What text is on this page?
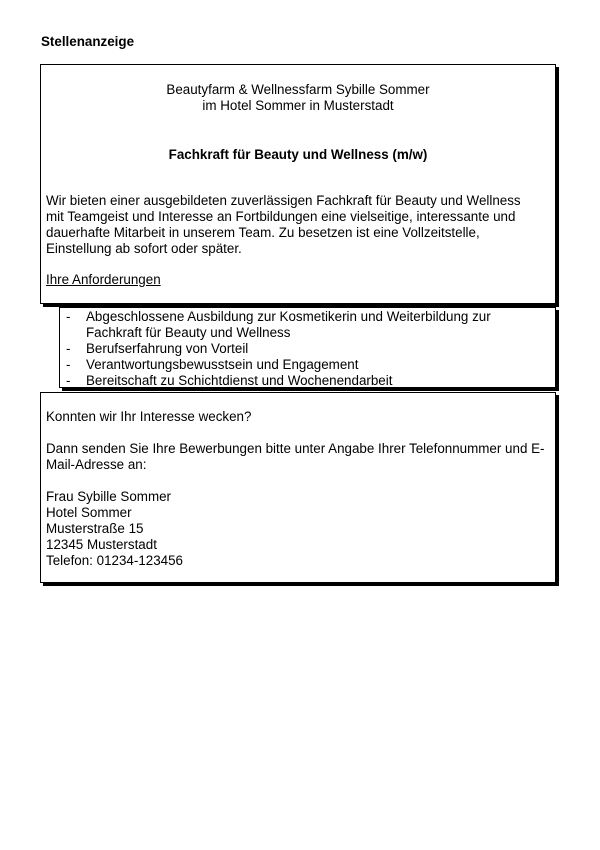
Stellenanzeige
Beautyfarm & Wellnessfarm Sybille Sommer
im Hotel Sommer in Musterstadt
Fachkraft für Beauty und Wellness (m/w)
Wir bieten einer ausgebildeten zuverlässigen Fachkraft für Beauty und Wellness mit Teamgeist und Interesse an Fortbildungen eine vielseitige, interessante und dauerhafte Mitarbeit in unserem Team. Zu besetzen ist eine Vollzeitstelle, Einstellung ab sofort oder später.
Ihre Anforderungen
-	Abgeschlossene Ausbildung zur Kosmetikerin und Weiterbildung zur Fachkraft für Beauty und Wellness
-	Berufserfahrung von Vorteil
-	Verantwortungsbewusstsein und Engagement
-	Bereitschaft zu Schichtdienst und Wochenendarbeit
Konnten wir Ihr Interesse wecken?
Dann senden Sie Ihre Bewerbungen bitte unter Angabe Ihrer Telefonnummer und E-Mail-Adresse an:
Frau Sybille Sommer
Hotel Sommer
Musterstraße 15
12345 Musterstadt
Telefon: 01234-123456
